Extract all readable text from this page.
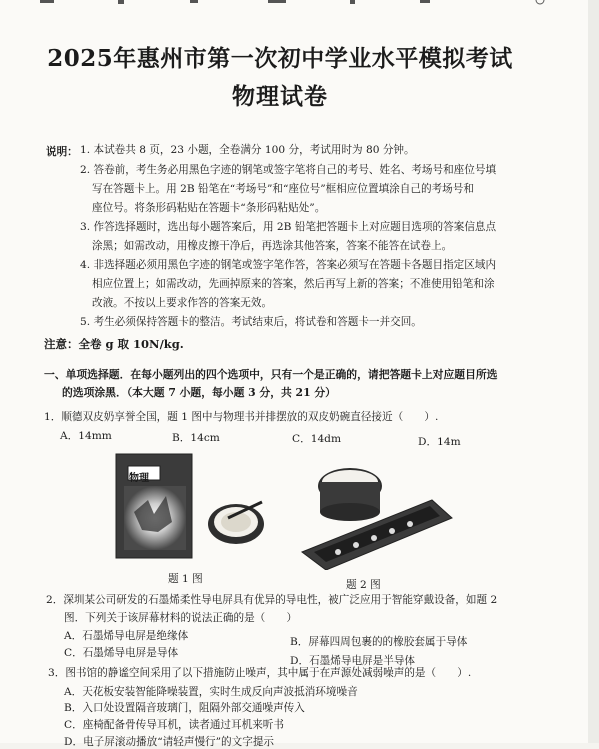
2025年惠州市第一次初中学业水平模拟考试
物理试卷
说明： 1. 本试卷共 8 页，23 小题，全卷满分 100 分，考试用时为 80 分钟。
2. 答卷前，考生务必用黑色字迹的钢笔或签字笔将自己的考号、姓名、考场号和座位号填
写在答题卡上。用 2B 铅笔在“考场号”和“座位号”框相应位置填涂自己的考场号和
座位号。将条形码粘贴在答题卡“条形码粘贴处”。
3. 作答选择题时，选出每小题答案后，用 2B 铅笔把答题卡上对应题目选项的答案信息点
涂黑；如需改动，用橡皮擦干净后，再选涂其他答案，答案不能答在试卷上。
4. 非选择题必须用黑色字迹的钢笔或签字笔作答，答案必须写在答题卡各题目指定区域内
相应位置上；如需改动，先画掉原来的答案，然后再写上新的答案；不准使用铅笔和涂
改液。不按以上要求作答的答案无效。
5. 考生必须保持答题卡的整洁。考试结束后，将试卷和答题卡一并交回。
注意：全卷 g 取 10N/kg.
一、单项选择题．在每小题列出的四个选项中，只有一个是正确的，请把答题卡上对应题目所选
的选项涂黑．（本大题 7 小题，每小题 3 分，共 21 分）
1．顺德双皮奶享誉全国，题 1 图中与物理书并排摆放的双皮奶碗直径接近（　　）.
A．14mm	B．14cm	C．14dm	D．14m
物理
题 1 图	题 2 图
2．深圳某公司研发的石墨烯柔性导电屏具有优异的导电性，被广泛应用于智能穿戴设备，如题 2
图．下列关于该屏幕材料的说法正确的是（　　）
A．石墨烯导电屏是绝缘体	B．屏幕四周包裹的的橡胶套属于导体
C．石墨烯导电屏是导体
D．石墨烯导电屏是半导体
3．图书馆的静谧空间采用了以下措施防止噪声，其中属于在声源处减弱噪声的是（　　）.
A．天花板安装智能降噪装置，实时生成反向声波抵消环境噪音
B．入口处设置隔音玻璃门，阻隔外部交通噪声传入
C．座椅配备骨传导耳机，读者通过耳机来听书
D．电子屏滚动播放“请轻声慢行”的文字提示
